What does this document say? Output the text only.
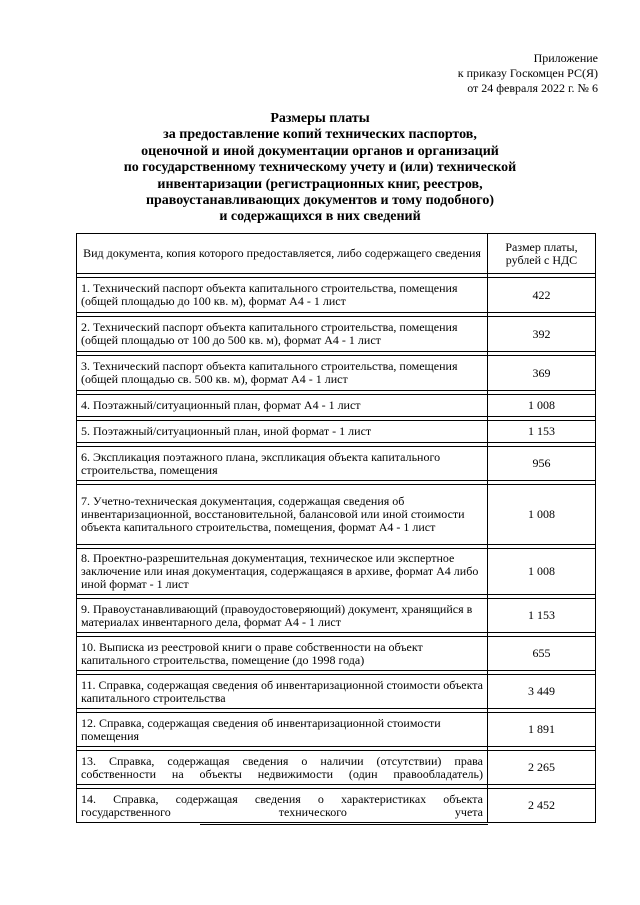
Приложение
к приказу Госкомцен РС(Я)
от 24 февраля 2022 г. № 6
Размеры платы
за предоставление копий технических паспортов,
оценочной и иной документации органов и организаций
по государственному техническому учету и (или) технической
инвентаризации (регистрационных книг, реестров,
правоустанавливающих документов и тому подобного)
и содержащихся в них сведений
Вид документа, копия которого предоставляется, либо содержащего сведения	Размер платы, рублей с НДС

1. Технический паспорт объекта капитального строительства, помещения (общей площадью до 100 кв. м), формат А4 - 1 лист	422

2. Технический паспорт объекта капитального строительства, помещения (общей площадью от 100 до 500 кв. м), формат А4 - 1 лист	392

3. Технический паспорт объекта капитального строительства, помещения (общей площадью св. 500 кв. м), формат А4 - 1 лист	369

4. Поэтажный/ситуационный план, формат А4 - 1 лист	1 008

5. Поэтажный/ситуационный план, иной формат - 1 лист	1 153

6. Экспликация поэтажного плана, экспликация объекта капитального строительства, помещения	956

7. Учетно-техническая документация, содержащая сведения об инвентаризационной, восстановительной, балансовой или иной стоимости объекта капитального строительства, помещения, формат А4 - 1 лист	1 008

8. Проектно-разрешительная документация, техническое или экспертное заключение или иная документация, содержащаяся в архиве, формат А4 либо иной формат - 1 лист	1 008

9. Правоустанавливающий (правоудостоверяющий) документ, хранящийся в материалах инвентарного дела, формат А4 - 1 лист	1 153

10. Выписка из реестровой книги о праве собственности на объект капитального строительства, помещение (до 1998 года)	655

11. Справка, содержащая сведения об инвентаризационной стоимости объекта капитального строительства	3 449

12. Справка, содержащая сведения об инвентаризационной стоимости помещения	1 891

13. Справка, содержащая сведения о наличии (отсутствии) права собственности на объекты недвижимости (один правообладатель)	2 265

14. Справка, содержащая сведения о характеристиках объекта государственного технического учета	2 452
